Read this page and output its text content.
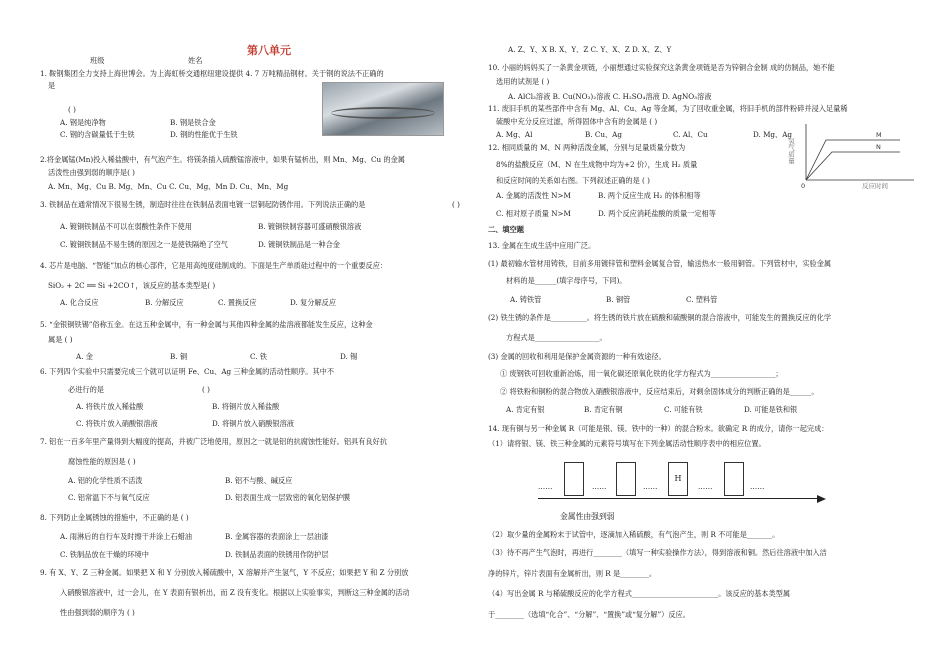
第八单元
班级	姓名
1. 鞍钢集团全力支持上海世博会。为上海虹桥交通枢纽建设提供 4. 7 万吨精品钢材。关于钢的说法不正确的
是
( )
A. 钢是纯净物	B. 钢是铁合金
C. 钢的含碳量低于生铁	D. 钢的性能优于生铁
2.将金属锰(Mn)投入稀盐酸中，有气泡产生。将镁条插入硫酸锰溶液中，如果有锰析出，则 Mn、Mg、Cu 的金属
活泼性由强到弱的顺序是( )
A. Mn、Mg、Cu B. Mg、Mn、Cu C. Cu、Mg、Mn D. Cu、Mn、Mg
3. 铁制品在通常情况下很易生锈，制造时往往在铁制品表面电镀一层铜起防锈作用。下列说法正确的是	( )
A. 镀铜铁制品不可以在弱酸性条件下使用	B. 镀铜铁制容器可盛硝酸银溶液
C. 镀铜铁制品不易生锈的原因之一是使铁隔绝了空气	D. 镀铜铁制品是一种合金
4. 芯片是电脑、“智能”加点的核心部件，它是用高纯度硅制成的。下面是生产单质硅过程中的一个重要反应：
SiO₂ + 2C ══ Si +2CO↑，该反应的基本类型是( )
A. 化合反应	B. 分解反应	C. 置换反应	D. 复分解反应
5. “金银铜铁锡”俗称五金。在这五种金属中，有一种金属与其他四种金属的盐溶液都能发生反应，这种金
属是 ( )
A. 金	B. 铜	C. 铁	D. 锡
6. 下列四个实验中只需要完成三个就可以证明 Fe、Cu、Ag 三种金属的活动性顺序。其中不
必进行的是	( )
A. 将铁片放入稀盐酸	B. 将铜片放入稀盐酸
C. 将铁片放入硝酸银溶液	D. 将铜片放入硝酸银溶液
7. 铝在一百多年里产量得到大幅度的提高，并被广泛地使用，原因之一就是铝的抗腐蚀性能好。铝具有良好抗
腐蚀性能的原因是 ( )
A. 铝的化学性质不活泼	B. 铝不与酸、碱反应
C. 铝常温下不与氧气反应	D. 铝表面生成一层致密的氧化铝保护膜
8. 下列防止金属锈蚀的措施中，不正确的是 ( )
A. 雨淋后的自行车及时擦干并涂上石蜡油	B. 金属容器的表面涂上一层油漆
C. 铁制品放在干燥的环境中	D. 铁制品表面的铁锈用作防护层
9. 有 X、Y、Z 三种金属。如果把 X 和 Y 分别放入稀硫酸中，X 溶解并产生氢气，Y 不反应；如果把 Y 和 Z 分别放
入硝酸银溶液中，过一会儿，在 Y 表面有银析出，而 Z 没有变化。根据以上实验事实，判断这三种金属的活动
性由强到弱的顺序为 ( )
A. Z、Y、X B. X、Y、Z C. Y、X、Z D. X、Z、Y
10. 小丽的妈妈买了一条黄金项链，小丽想通过实验探究这条黄金项链是否为锌铜合金制 成的仿制品，她不能
选用的试剂是 ( )
A. AlCl₃溶液 B. Cu(NO₃)₂溶液 C. H₂SO₄溶液 D. AgNO₃溶液
11. 废旧手机的某些部件中含有 Mg、Al、Cu、Ag 等金属，为了回收重金属，将旧手机的部件粉碎并浸入足量稀
硫酸中充分反应过滤，所得固体中含有的金属是 ( )
A. Mg、Al	B. Cu、Ag	C. Al、Cu	D. Mg、Ag
12. 相同质量的 M、N 两种活泼金属，分别与足量质量分数为
8%的盐酸反应（M、N 在生成物中均为+2 价），生成 H₂ 质量
和反应时间的关系如右图。下列叙述正确的是 ( )
氢气质量
反应时间
0
M
N
A. 金属的活泼性 N>M	B. 两个反应生成 H₂ 的体积相等
C. 相对原子质量 N>M	D. 两个反应消耗盐酸的质量一定相等
二、填空题
13. 金属在生成生活中应用广泛。
(1) 最初输水管材用铸铁，目前多用镀锌管和塑料金属复合管，输送热水一般用铜管。下列管材中，实验金属
材料的是______(填字母序号，下同)。
A. 铸铁管	B. 铜管	C. 塑料管
(2) 铁生锈的条件是__________。将生锈的铁片放在硫酸和硫酸铜的混合溶液中，可能发生的置换反应的化学
方程式是__________________。
(3) 金属的回收和利用是保护金属资源的一种有效途径。
① 废钢铁可回收重新冶炼，用一氧化碳还原氧化铁的化学方程式为__________________；
② 将铁粉和铜粉的混合物放入硝酸银溶液中，反应结束后，对剩余固体成分的判断正确的是______。
A. 肯定有银	B. 肯定有铜	C. 可能有铁	D. 可能是铁和银
14. 现有铜与另一种金属 R（可能是银、镁、铁中的一种）的混合粉末。欲确定 R 的成分，请你一起完成：
（1）请将银、镁、铁三种金属的元素符号填写在下列金属活动性顺序表中的相应位置。
……	……	……
H
……	……
金属性由强到弱
（2）取少量的金属粉末于试管中，逐滴加入稀硫酸，有气泡产生，则 R 不可能是_______。
（3）待不再产生气泡时，再进行________（填写一种实验操作方法），得到溶液和铜。然后往溶液中加入洁
净的锌片，锌片表面有金属析出，则 R 是________。
（4）写出金属 R 与稀硫酸反应的化学方程式________________________。该反应的基本类型属
于________（选填“化合”、“分解”、“置换”或“复分解”）反应。
